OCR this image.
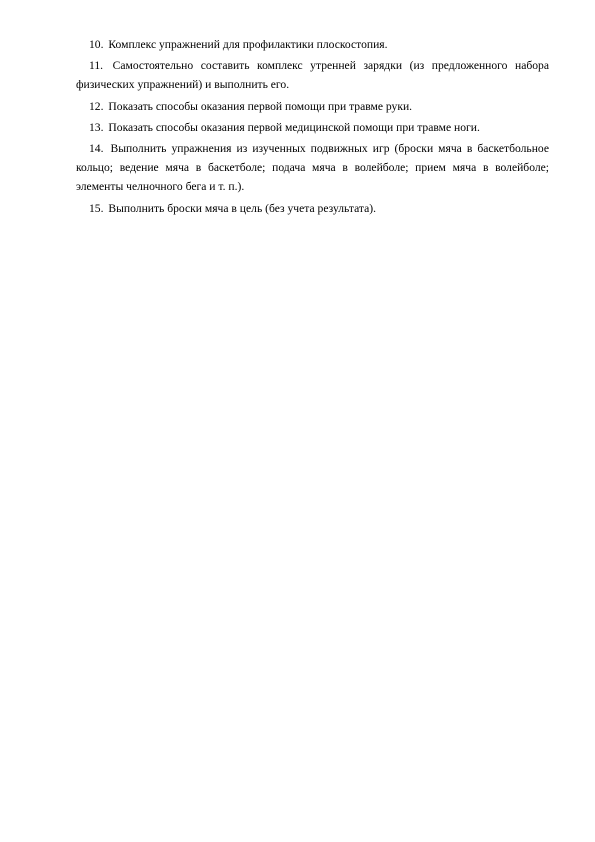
10. Комплекс упражнений для профилактики плоскостопия.

11. Самостоятельно составить комплекс утренней зарядки (из предложенного набора физических упражнений) и выполнить его.

12. Показать способы оказания первой помощи при травме руки.

13. Показать способы оказания первой медицинской помощи при травме ноги.

14. Выполнить упражнения из изученных подвижных игр (броски мяча в баскетбольное кольцо; ведение мяча в баскетболе; подача мяча в волейболе; прием мяча в волейболе; элементы челночного бега и т. п.).

15. Выполнить броски мяча в цель (без учета результата).
